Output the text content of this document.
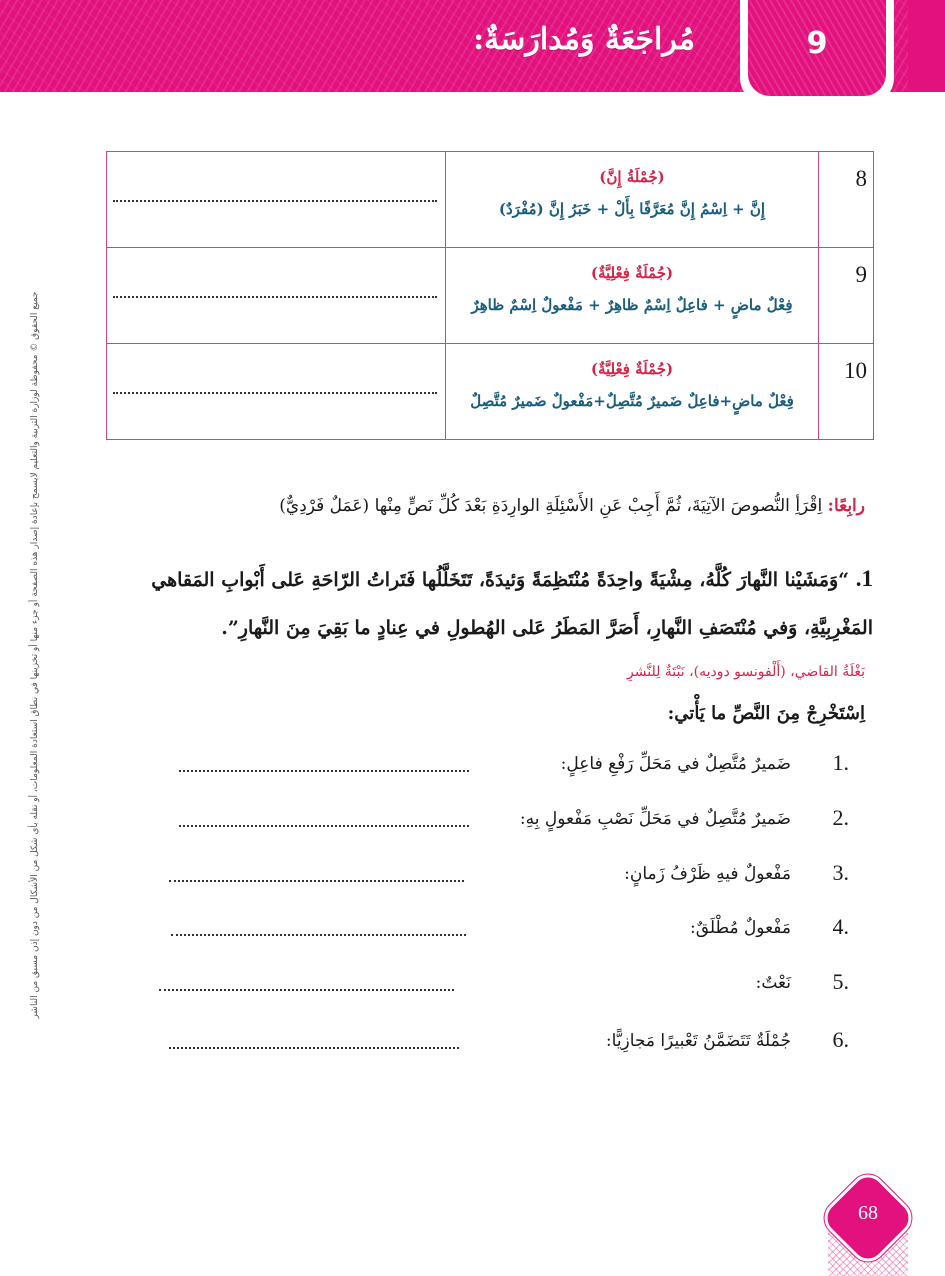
مُراجَعَةٌ وَمُدارَسَةٌ:	9
جميع الحقوق © محفوظة لوزارة التربية والتعليم لايسمح بإعادة إصدار هذه الصفحة أو جزء منها أو تخزينها في نطاق استعادة المعلومات، أو نقله بأي شكل من الأشكال من دون إذن مسبق من الناشر

	(جُمْلَةُ إِنَّ)
إِنَّ + اِسْمُ إِنَّ مُعَرَّفًا بِأَلْ + خَبَرُ إِنَّ (مُفْرَدٌ)	8

	(جُمْلَةٌ فِعْلِيَّةٌ)
فِعْلٌ ماضٍ + فاعِلٌ اِسْمٌ ظاهِرٌ + مَفْعولٌ اِسْمٌ ظاهِرٌ	9

	(جُمْلَةٌ فِعْلِيَّةٌ)
فِعْلٌ ماضٍ+فاعِلٌ ضَميرٌ مُتَّصِلٌ+مَفْعولٌ ضَميرٌ مُتَّصِلٌ	10
رابِعًا: اِقْرَأِ النُّصوصَ الآتِيَةَ، ثُمَّ أَجِبْ عَنِ الأَسْئِلَةِ الوارِدَةِ بَعْدَ كُلِّ نَصٍّ مِنْها (عَمَلٌ فَرْدِيٌّ)
1. “وَمَشَيْنا النَّهارَ كُلَّهُ، مِشْيَةً واحِدَةً مُنْتَظِمَةً وَئيدَةً، تَتَخَلَّلُها فَتَراتُ الرّاحَةِ عَلى أَبْوابِ المَقاهي المَغْرِبِيَّةِ، وَفي مُنْتَصَفِ النَّهارِ، أَصَرَّ المَطَرُ عَلى الهُطولِ في عِنادٍ ما بَقِيَ مِنَ النَّهارِ”.
بَغْلَةُ القاضي، (أَلْفونسو دوديه)، نَبْتَةٌ لِلنَّشرِ
اِسْتَخْرِجْ مِنَ النَّصِّ ما يَأْتي:
1.
ضَميرٌ مُتَّصِلٌ في مَحَلِّ رَفْعِ فاعِلٍ:
2.
ضَميرٌ مُتَّصِلٌ في مَحَلِّ نَصْبِ مَفْعولٍ بِهِ:
3.
مَفْعولٌ فيهِ ظَرْفُ زَمانٍ:
4.
مَفْعولٌ مُطْلَقٌ:
5.
نَعْتٌ:
6.
جُمْلَةٌ تَتَضَمَّنُ تَعْبيرًا مَجازِيًّا:
68
